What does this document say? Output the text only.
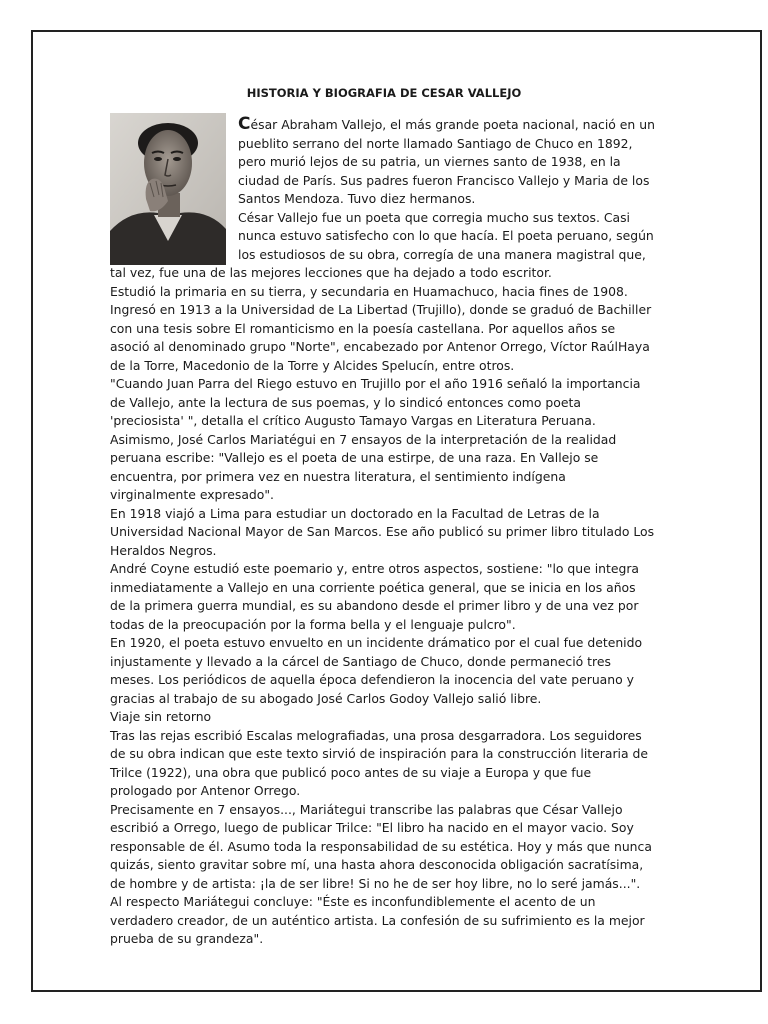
HISTORIA Y BIOGRAFIA DE CESAR VALLEJO

César Abraham Vallejo, el más grande poeta nacional, nació en un pueblito serrano del norte llamado Santiago de Chuco en 1892, pero murió lejos de su patria, un viernes santo de 1938, en la ciudad de París. Sus padres fueron Francisco Vallejo y Maria de los Santos Mendoza. Tuvo diez hermanos.

César Vallejo fue un poeta que corregia mucho sus textos. Casi nunca estuvo satisfecho con lo que hacía. El poeta peruano, según los estudiosos de su obra, corregía de una manera magistral que, tal vez, fue una de las mejores lecciones que ha dejado a todo escritor.

Estudió la primaria en su tierra, y secundaria en Huamachuco, hacia fines de 1908. Ingresó en 1913 a la Universidad de La Libertad (Trujillo), donde se graduó de Bachiller con una tesis sobre El romanticismo en la poesía castellana. Por aquellos años se asoció al denominado grupo "Norte", encabezado por Antenor Orrego, Víctor RaúlHaya de la Torre, Macedonio de la Torre y Alcides Spelucín, entre otros.

"Cuando Juan Parra del Riego estuvo en Trujillo por el año 1916 señaló la importancia de Vallejo, ante la lectura de sus poemas, y lo sindicó entonces como poeta 'preciosista' ", detalla el crítico Augusto Tamayo Vargas en Literatura Peruana.

Asimismo, José Carlos Mariatégui en 7 ensayos de la interpretación de la realidad peruana escribe: "Vallejo es el poeta de una estirpe, de una raza. En Vallejo se encuentra, por primera vez en nuestra literatura, el sentimiento indígena virginalmente expresado".

En 1918 viajó a Lima para estudiar un doctorado en la Facultad de Letras de la Universidad Nacional Mayor de San Marcos. Ese año publicó su primer libro titulado Los Heraldos Negros.

André Coyne estudió este poemario y, entre otros aspectos, sostiene: "lo que integra inmediatamente a Vallejo en una corriente poética general, que se inicia en los años de la primera guerra mundial, es su abandono desde el primer libro y de una vez por todas de la preocupación por la forma bella y el lenguaje pulcro".

En 1920, el poeta estuvo envuelto en un incidente drámatico por el cual fue detenido injustamente y llevado a la cárcel de Santiago de Chuco, donde permaneció tres meses. Los periódicos de aquella época defendieron la inocencia del vate peruano y gracias al trabajo de su abogado José Carlos Godoy Vallejo salió libre.

Viaje sin retorno

Tras las rejas escribió Escalas melografiadas, una prosa desgarradora. Los seguidores de su obra indican que este texto sirvió de inspiración para la construcción literaria de Trilce (1922), una obra que publicó poco antes de su viaje a Europa y que fue prologado por Antenor Orrego.

Precisamente en 7 ensayos..., Mariátegui transcribe las palabras que César Vallejo escribió a Orrego, luego de publicar Trilce: "El libro ha nacido en el mayor vacio. Soy responsable de él. Asumo toda la responsabilidad de su estética. Hoy y más que nunca quizás, siento gravitar sobre mí, una hasta ahora desconocida obligación sacratísima, de hombre y de artista: ¡la de ser libre! Si no he de ser hoy libre, no lo seré jamás...".

Al respecto Mariátegui concluye: "Éste es inconfundiblemente el acento de un verdadero creador, de un auténtico artista. La confesión de su sufrimiento es la mejor prueba de su grandeza".
